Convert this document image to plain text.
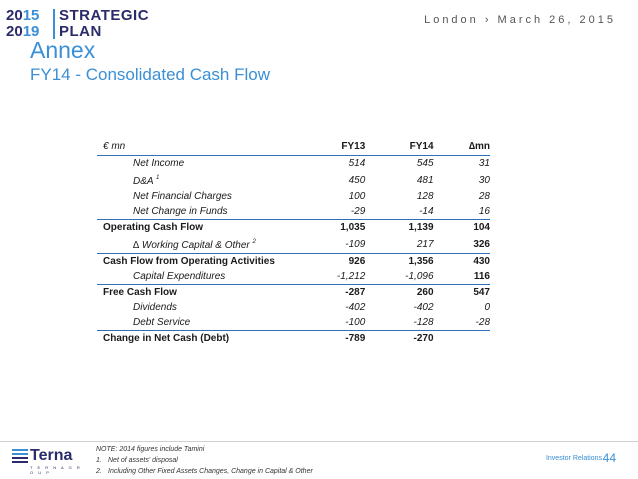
2015
2019
STRATEGIC
PLAN
London › March 26, 2015
Annex
FY14 - Consolidated Cash Flow
€ mn	FY13	FY14	∆mn
Net Income	514	545	31
D&A $^1$	450	481	30
Net Financial Charges	100	128	28
Net Change in Funds	-29	-14	16
Operating Cash Flow	1,035	1,139	104
∆ Working Capital & Other $^2$	-109	217	326
Cash Flow from Operating Activities	926	1,356	430
Capital Expenditures	-1,212	-1,096	116
Free Cash Flow	-287	260	547
Dividends	-402	-402	0
Debt Service	-100	-128	-28
Change in Net Cash (Debt)	-789	-270	
Terna
T E R N A G R O U P
NOTE: 2014 figures include Tamini
1. Net of assets' disposal
2. Including Other Fixed Assets Changes, Change in Capital & Other
Investor Relations 44
